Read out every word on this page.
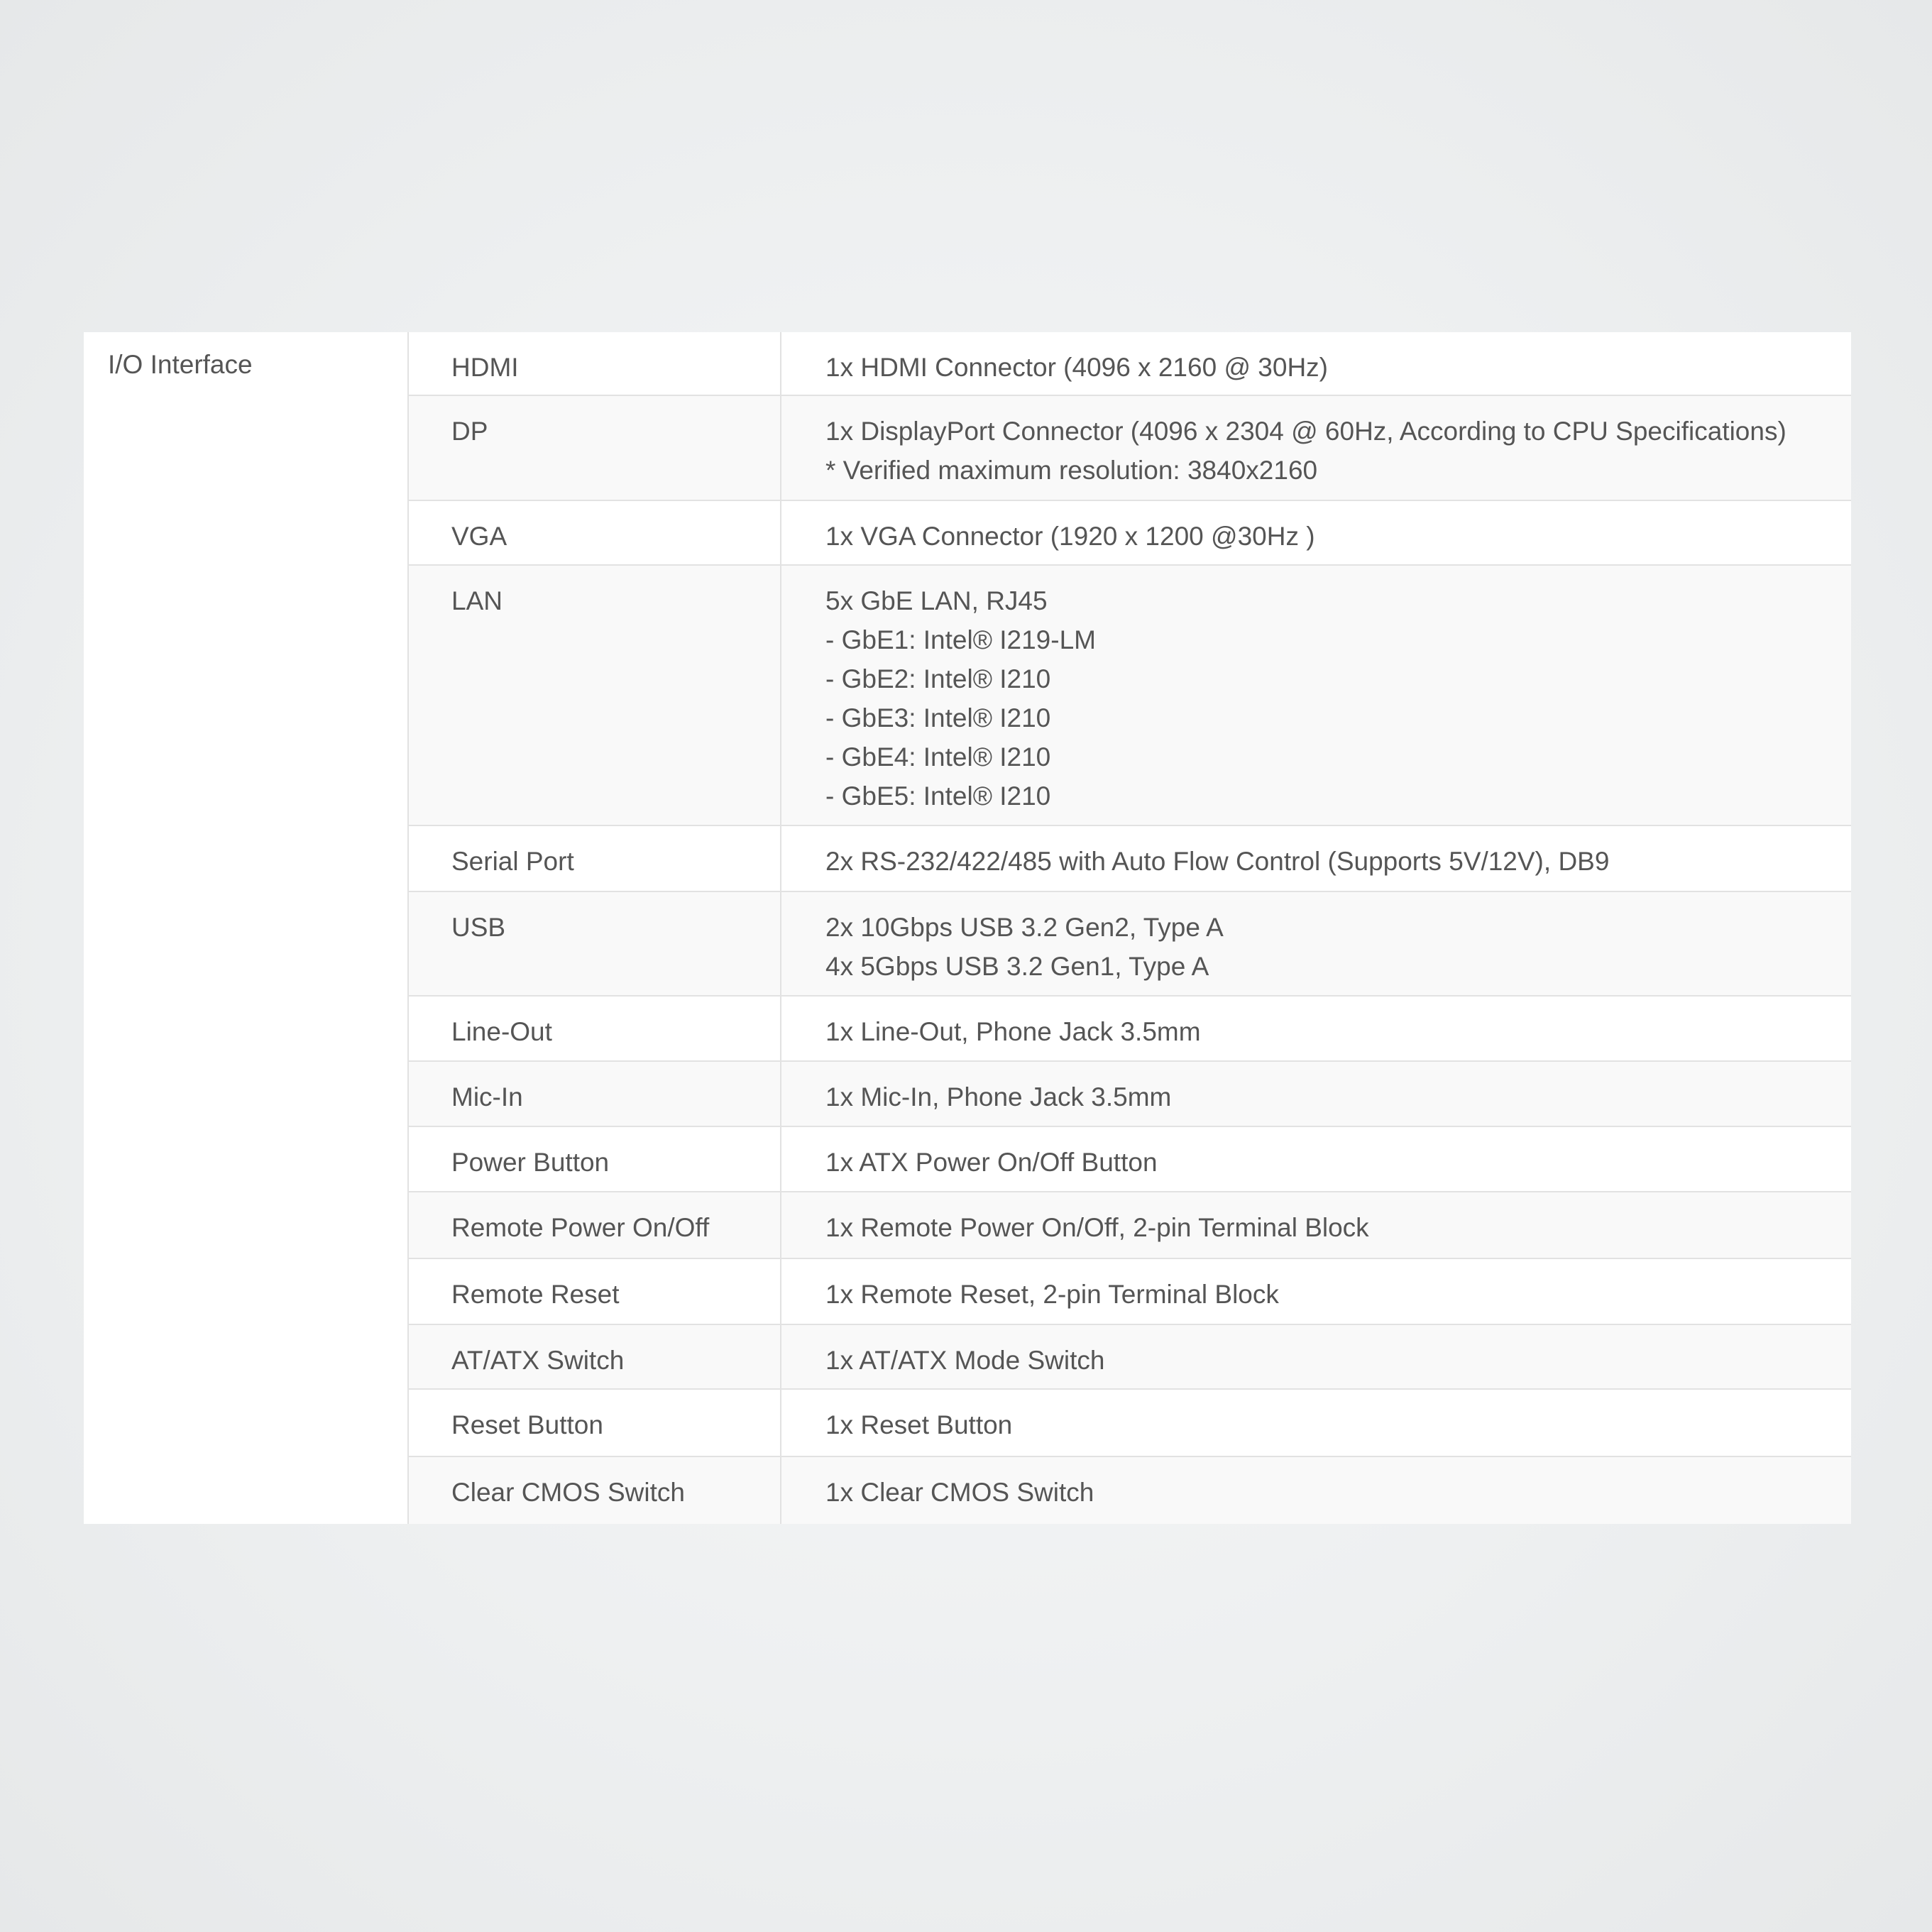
I/O Interface	HDMI	1x HDMI Connector (4096 x 2160 @ 30Hz)
DP	1x DisplayPort Connector (4096 x 2304 @ 60Hz, According to CPU Specifications)
* Verified maximum resolution: 3840x2160
VGA	1x VGA Connector (1920 x 1200 @30Hz )
LAN	5x GbE LAN, RJ45
- GbE1: Intel® I219-LM
- GbE2: Intel® I210
- GbE3: Intel® I210
- GbE4: Intel® I210
- GbE5: Intel® I210
Serial Port	2x RS-232/422/485 with Auto Flow Control (Supports 5V/12V), DB9
USB	2x 10Gbps USB 3.2 Gen2, Type A
4x 5Gbps USB 3.2 Gen1, Type A
Line-Out	1x Line-Out, Phone Jack 3.5mm
Mic-In	1x Mic-In, Phone Jack 3.5mm
Power Button	1x ATX Power On/Off Button
Remote Power On/Off	1x Remote Power On/Off, 2-pin Terminal Block
Remote Reset	1x Remote Reset, 2-pin Terminal Block
AT/ATX Switch	1x AT/ATX Mode Switch
Reset Button	1x Reset Button
Clear CMOS Switch	1x Clear CMOS Switch
